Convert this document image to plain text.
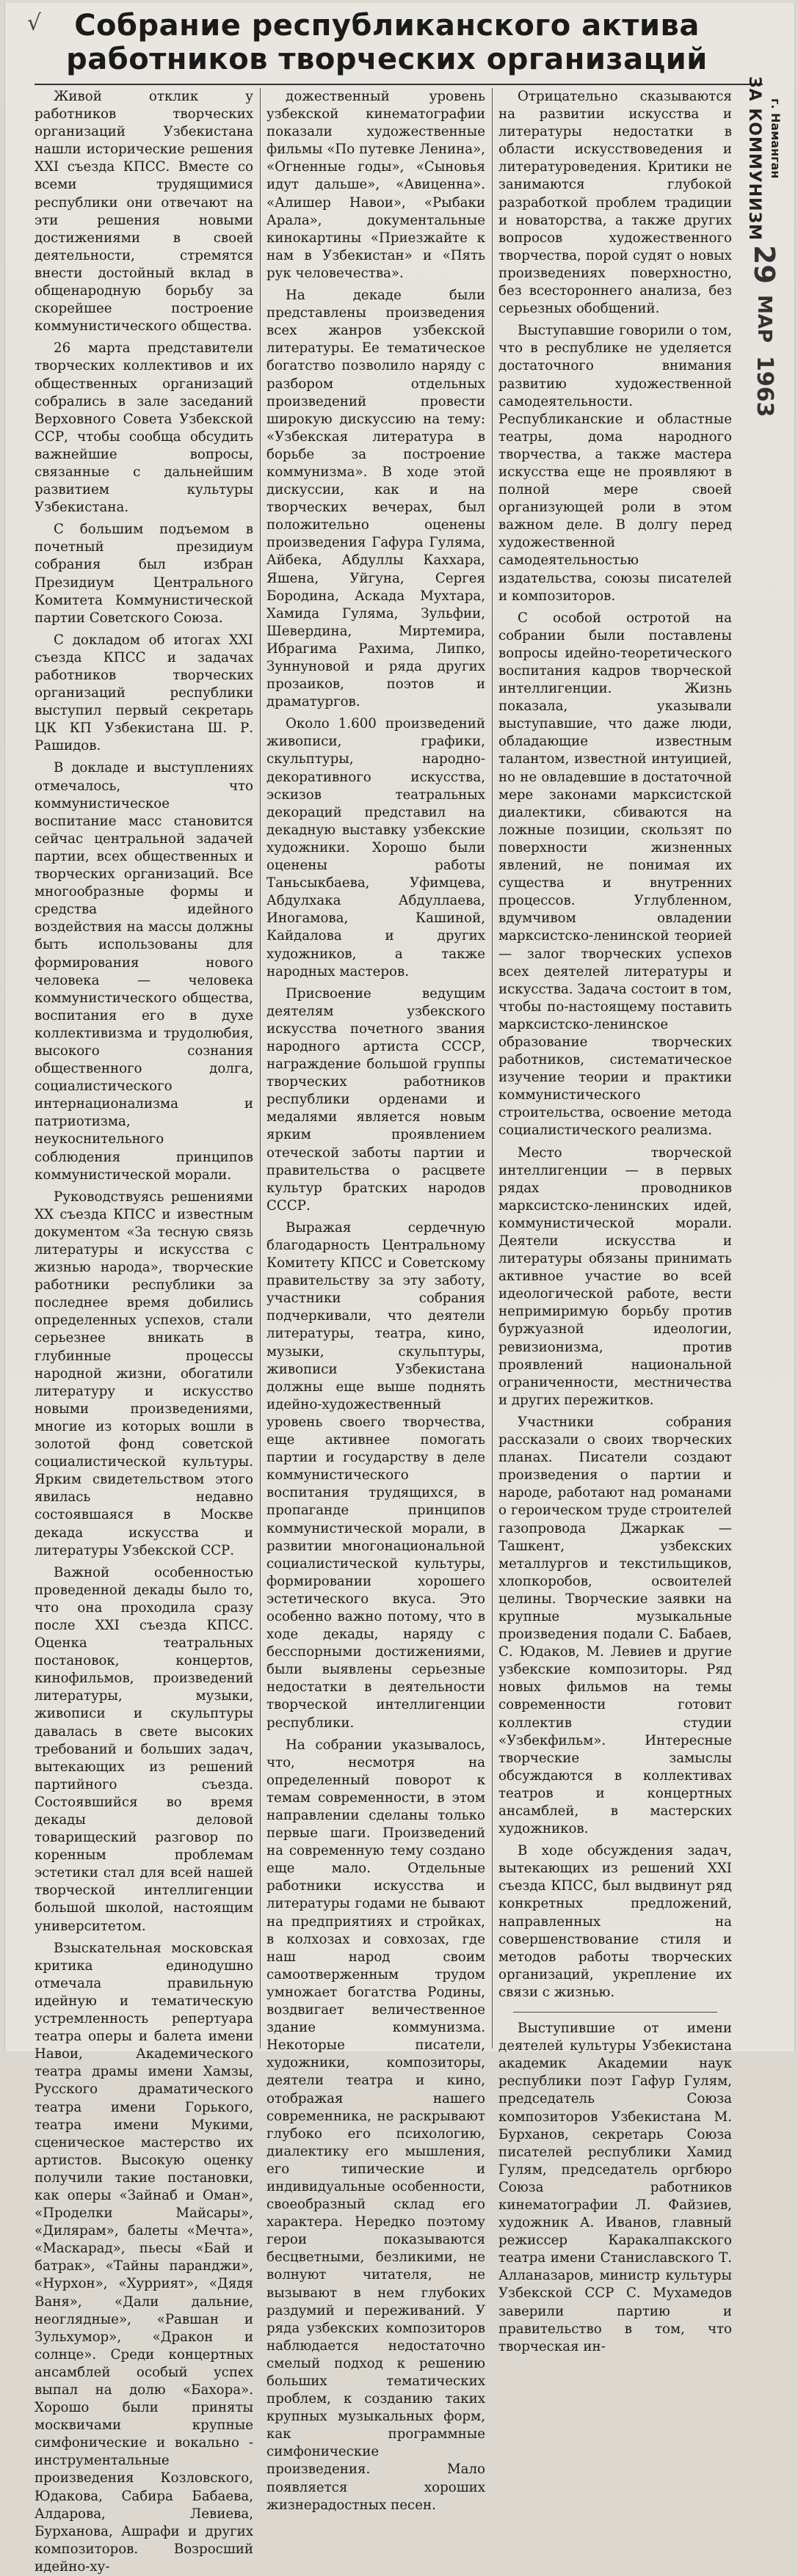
√	Собрание республиканского актива
работников творческих организаций

Живой отклик у работников творческих организаций Узбекистана нашли исторические решения XXI съезда КПСС. Вместе со всеми трудящимися республики они отвечают на эти решения новыми достижениями в своей деятельности, стремятся внести достойный вклад в общенародную борьбу за скорейшее построение коммунистического общества.

26 марта представители творческих коллективов и их общественных организаций собрались в зале заседаний Верховного Совета Узбекской ССР, чтобы сообща обсудить важнейшие вопросы, связанные с дальнейшим развитием культуры Узбекистана.

С большим подъемом в почетный президиум собрания был избран Президиум Центрального Комитета Коммунистической партии Советского Союза.

С докладом об итогах XXI съезда КПСС и задачах работников творческих организаций республики выступил первый секретарь ЦК КП Узбекистана Ш. Р. Рашидов.

В докладе и выступлениях отмечалось, что коммунистическое воспитание масс становится сейчас центральной задачей партии, всех общественных и творческих организаций. Все многообразные формы и средства идейного воздействия на массы должны быть использованы для формирования нового человека — человека коммунистического общества, воспитания его в духе коллективизма и трудолюбия, высокого сознания общественного долга, социалистического интернационализма и патриотизма, неукоснительного соблюдения принципов коммунистической морали.

Руководствуясь решениями XX съезда КПСС и известным документом «За тесную связь литературы и искусства с жизнью народа», творческие работники республики за последнее время добились определенных успехов, стали серьезнее вникать в глубинные процессы народной жизни, обогатили литературу и искусство новыми произведениями, многие из которых вошли в золотой фонд советской социалистической культуры. Ярким свидетельством этого явилась недавно состоявшаяся в Москве декада искусства и литературы Узбекской ССР.

Важной особенностью проведенной декады было то, что она проходила сразу после XXI съезда КПСС. Оценка театральных постановок, концертов, кинофильмов, произведений литературы, музыки, живописи и скульптуры давалась в свете высоких требований и больших задач, вытекающих из решений партийного съезда. Состоявшийся во время декады деловой товарищеский разговор по коренным проблемам эстетики стал для всей нашей творческой интеллигенции большой школой, настоящим университетом.

Взыскательная московская критика единодушно отмечала правильную идейную и тематическую устремленность репертуара театра оперы и балета имени Навои, Академического театра драмы имени Хамзы, Русского драматического театра имени Горького, театра имени Мукими, сценическое мастерство их артистов. Высокую оценку получили такие постановки, как оперы «Зайнаб и Оман», «Проделки Майсары», «Дилярам», балеты «Мечта», «Маскарад», пьесы «Бай и батрак», «Тайны паранджи», «Нурхон», «Хуррият», «Дядя Ваня», «Дали дальние, неоглядные», «Равшан и Зульхумор», «Дракон и солнце». Среди концертных ансамблей особый успех выпал на долю «Бахора». Хорошо были приняты москвичами крупные симфонические и вокально - инструментальные произведения Козловского, Юдакова, Сабира Бабаева, Алдарова, Левиева, Бурханова, Ашрафи и других композиторов. Возросший идейно-ху-

дожественный уровень узбекской кинематографии показали художественные фильмы «По путевке Ленина», «Огненные годы», «Сыновья идут дальше», «Авиценна». «Алишер Навои», «Рыбаки Арала», документальные кинокартины «Приезжайте к нам в Узбекистан» и «Пять рук человечества».

На декаде были представлены произведения всех жанров узбекской литературы. Ее тематическое богатство позволило наряду с разбором отдельных произведений провести широкую дискуссию на тему: «Узбекская литература в борьбе за построение коммунизма». В ходе этой дискуссии, как и на творческих вечерах, был положительно оценены произведения Гафура Гуляма, Айбека, Абдуллы Каххара, Яшена, Уйгуна, Сергея Бородина, Аскада Мухтара, Хамида Гуляма, Зульфии, Шевердина, Миртемира, Ибрагима Рахима, Липко, Зуннуновой и ряда других прозаиков, поэтов и драматургов.

Около 1.600 произведений живописи, графики, скульптуры, народно-декоративного искусства, эскизов театральных декораций представил на декадную выставку узбекские художники. Хорошо были оценены работы Таньсыкбаева, Уфимцева, Абдулхака Абдуллаева, Иногамова, Кашиной, Кайдалова и других художников, а также народных мастеров.

Присвоение ведущим деятелям узбекского искусства почетного звания народного артиста СССР, награждение большой группы творческих работников республики орденами и медалями является новым ярким проявлением отеческой заботы партии и правительства о расцвете культур братских народов СССР.

Выражая сердечную благодарность Центральному Комитету КПСС и Советскому правительству за эту заботу, участники собрания подчеркивали, что деятели литературы, театра, кино, музыки, скульптуры, живописи Узбекистана должны еще выше поднять идейно-художественный уровень своего творчества, еще активнее помогать партии и государству в деле коммунистического воспитания трудящихся, в пропаганде принципов коммунистической морали, в развитии многонациональной социалистической культуры, формировании хорошего эстетического вкуса. Это особенно важно потому, что в ходе декады, наряду с бесспорными достижениями, были выявлены серьезные недостатки в деятельности творческой интеллигенции республики.

На собрании указывалось, что, несмотря на определенный поворот к темам современности, в этом направлении сделаны только первые шаги. Произведений на современную тему создано еще мало. Отдельные работники искусства и литературы годами не бывают на предприятиях и стройках, в колхозах и совхозах, где наш народ своим самоотверженным трудом умножает богатства Родины, воздвигает величественное здание коммунизма. Некоторые писатели, художники, композиторы, деятели театра и кино, отображая нашего современника, не раскрывают глубоко его психологию, диалектику его мышления, его типические и индивидуальные особенности, своеобразный склад его характера. Нередко поэтому герои показываются бесцветными, безликими, не волнуют читателя, не вызывают в нем глубоких раздумий и переживаний. У ряда узбекских композиторов наблюдается недостаточно смелый подход к решению больших тематических проблем, к созданию таких крупных музыкальных форм, как программные симфонические произведения. Мало появляется хороших жизнерадостных песен.

Отрицательно сказываются на развитии искусства и литературы недостатки в области искусствоведения и литературоведения. Критики не занимаются глубокой разработкой проблем традиции и новаторства, а также других вопросов художественного творчества, порой судят о новых произведениях поверхностно, без всестороннего анализа, без серьезных обобщений.

Выступавшие говорили о том, что в республике не уделяется достаточного внимания развитию художественной самодеятельности. Республиканские и областные театры, дома народного творчества, а также мастера искусства еще не проявляют в полной мере своей организующей роли в этом важном деле. В долгу перед художественной самодеятельностью издательства, союзы писателей и композиторов.

С особой остротой на собрании были поставлены вопросы идейно-теоретического воспитания кадров творческой интеллигенции. Жизнь показала, указывали выступавшие, что даже люди, обладающие известным талантом, известной интуицией, но не овладевшие в достаточной мере законами марксистской диалектики, сбиваются на ложные позиции, скользят по поверхности жизненных явлений, не понимая их существа и внутренних процессов. Углубленном, вдумчивом овладении марксистско-ленинской теорией — залог творческих успехов всех деятелей литературы и искусства. Задача состоит в том, чтобы по-настоящему поставить марксистско-ленинское образование творческих работников, систематическое изучение теории и практики коммунистического строительства, освоение метода социалистического реализма.

Место творческой интеллигенции — в первых рядах проводников марксистско-ленинских идей, коммунистической морали. Деятели искусства и литературы обязаны принимать активное участие во всей идеологической работе, вести непримиримую борьбу против буржуазной идеологии, ревизионизма, против проявлений национальной ограниченности, местничества и других пережитков.

Участники собрания рассказали о своих творческих планах. Писатели создают произведения о партии и народе, работают над романами о героическом труде строителей газопровода Джаркак — Ташкент, узбекских металлургов и текстильщиков, хлопкоробов, освоителей целины. Творческие заявки на крупные музыкальные произведения подали С. Бабаев, С. Юдаков, М. Левиев и другие узбекские композиторы. Ряд новых фильмов на темы современности готовит коллектив студии «Узбекфильм». Интересные творческие замыслы обсуждаются в коллективах театров и концертных ансамблей, в мастерских художников.

В ходе обсуждения задач, вытекающих из решений XXI съезда КПСС, был выдвинут ряд конкретных предложений, направленных на совершенствование стиля и методов работы творческих организаций, укрепление их связи с жизнью.

Выступившие от имени деятелей культуры Узбекистана академик Академии наук республики поэт Гафур Гулям, председатель Союза композиторов Узбекистана М. Бурханов, секретарь Союза писателей республики Хамид Гулям, председатель оргбюро Союза работников кинематографии Л. Файзиев, художник А. Иванов, главный режиссер Каракалпакского театра имени Станиславского Т. Алланазаров, министр культуры Узбекской ССР С. Мухамедов заверили партию и правительство в том, что творческая ин-

ЗА КОММУНИЗМ г. Наманган
29 МАР 1963
